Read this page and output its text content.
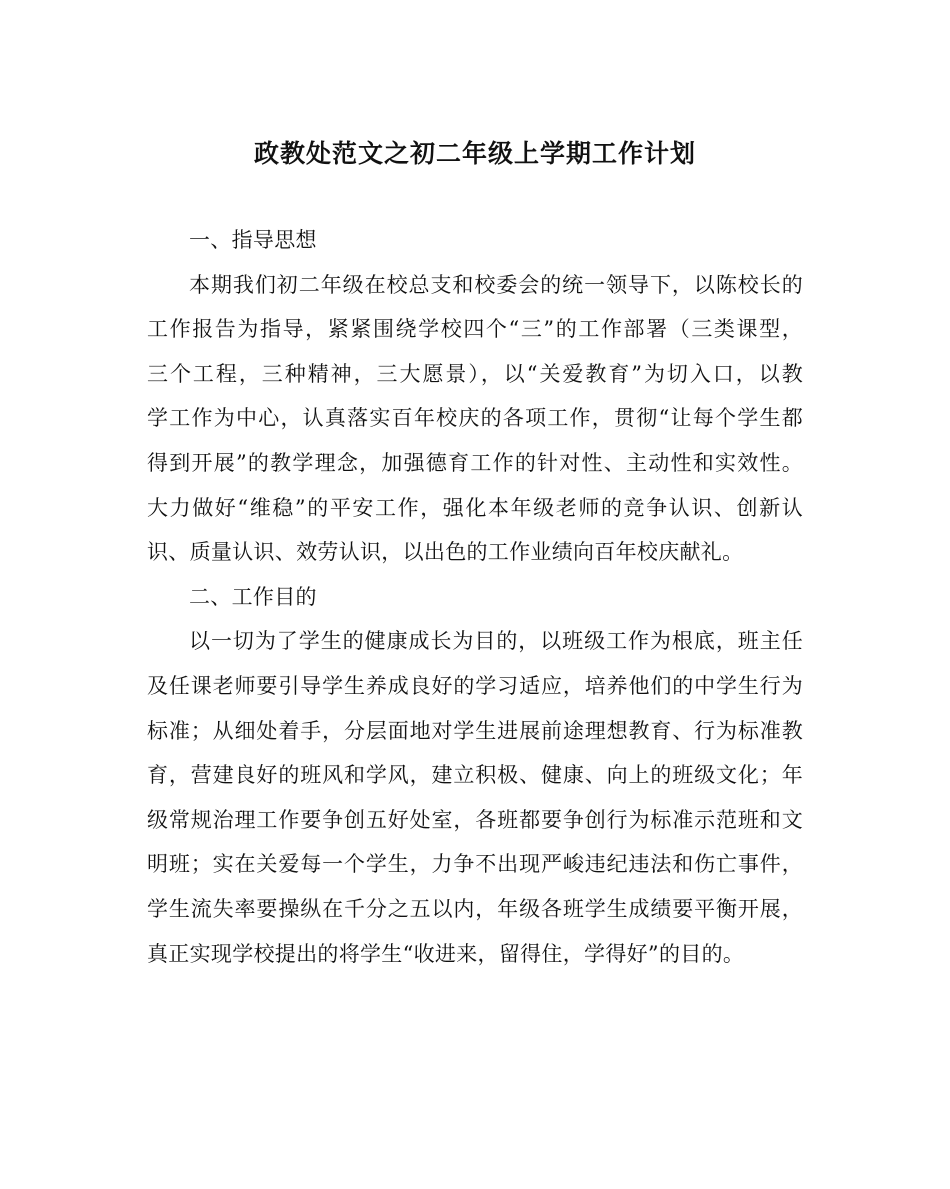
政教处范文之初二年级上学期工作计划

一、指导思想

本期我们初二年级在校总支和校委会的统一领导下，以陈校长的
工作报告为指导，紧紧围绕学校四个“三”的工作部署（三类课型，
三个工程，三种精神，三大愿景），以“关爱教育”为切入口，以教
学工作为中心，认真落实百年校庆的各项工作，贯彻“让每个学生都
得到开展”的教学理念，加强德育工作的针对性、主动性和实效性。
大力做好“维稳”的平安工作，强化本年级老师的竞争认识、创新认
识、质量认识、效劳认识，以出色的工作业绩向百年校庆献礼。

二、工作目的

以一切为了学生的健康成长为目的，以班级工作为根底，班主任
及任课老师要引导学生养成良好的学习适应，培养他们的中学生行为
标准；从细处着手，分层面地对学生进展前途理想教育、行为标准教
育，营建良好的班风和学风，建立积极、健康、向上的班级文化；年
级常规治理工作要争创五好处室，各班都要争创行为标准示范班和文
明班；实在关爱每一个学生，力争不出现严峻违纪违法和伤亡事件，
学生流失率要操纵在千分之五以内，年级各班学生成绩要平衡开展，
真正实现学校提出的将学生“收进来，留得住，学得好”的目的。
